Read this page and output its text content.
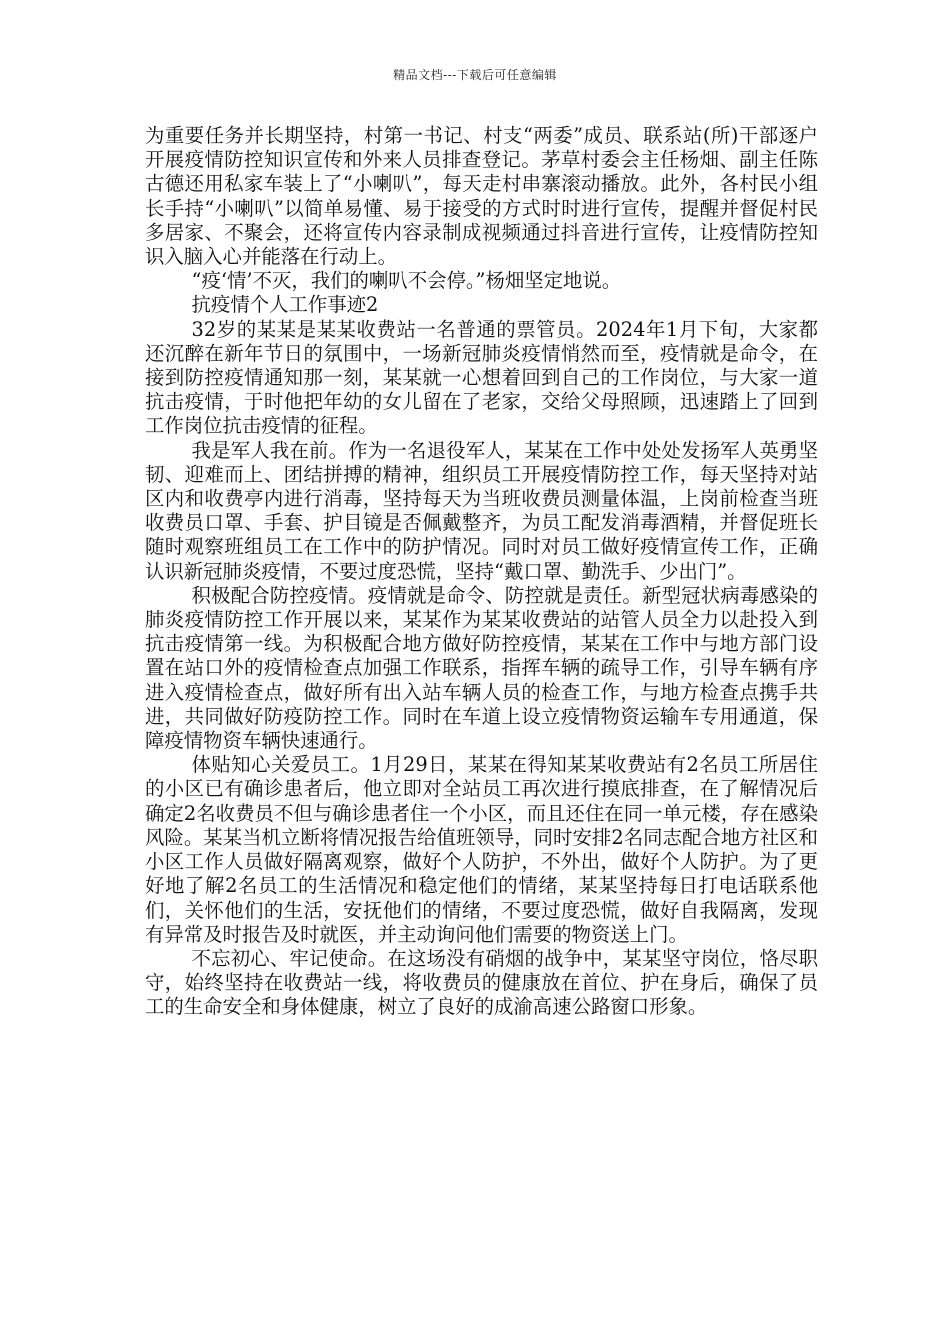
精品文档---下载后可任意编辑

为重要任务并长期坚持，村第一书记、村支“两委”成员、联系站(所)干部逐户开展疫情防控知识宣传和外来人员排查登记。茅草村委会主任杨畑、副主任陈古德还用私家车装上了“小喇叭”，每天走村串寨滚动播放。此外，各村民小组长手持“小喇叭”以简单易懂、易于接受的方式时时进行宣传，提醒并督促村民多居家、不聚会，还将宣传内容录制成视频通过抖音进行宣传，让疫情防控知识入脑入心并能落在行动上。

“疫‘情’不灭，我们的喇叭不会停。”杨畑坚定地说。

抗疫情个人工作事迹2

32岁的某某是某某收费站一名普通的票管员。2024年1月下旬，大家都还沉醉在新年节日的氛围中，一场新冠肺炎疫情悄然而至，疫情就是命令，在接到防控疫情通知那一刻，某某就一心想着回到自己的工作岗位，与大家一道抗击疫情，于时他把年幼的女儿留在了老家，交给父母照顾，迅速踏上了回到工作岗位抗击疫情的征程。

我是军人我在前。作为一名退役军人，某某在工作中处处发扬军人英勇坚韧、迎难而上、团结拼搏的精神，组织员工开展疫情防控工作，每天坚持对站区内和收费亭内进行消毒，坚持每天为当班收费员测量体温，上岗前检查当班收费员口罩、手套、护目镜是否佩戴整齐，为员工配发消毒酒精，并督促班长随时观察班组员工在工作中的防护情况。同时对员工做好疫情宣传工作，正确认识新冠肺炎疫情，不要过度恐慌，坚持“戴口罩、勤洗手、少出门”。

积极配合防控疫情。疫情就是命令、防控就是责任。新型冠状病毒感染的肺炎疫情防控工作开展以来，某某作为某某收费站的站管人员全力以赴投入到抗击疫情第一线。为积极配合地方做好防控疫情，某某在工作中与地方部门设置在站口外的疫情检查点加强工作联系，指挥车辆的疏导工作，引导车辆有序进入疫情检查点，做好所有出入站车辆人员的检查工作，与地方检查点携手共进，共同做好防疫防控工作。同时在车道上设立疫情物资运输车专用通道，保障疫情物资车辆快速通行。

体贴知心关爱员工。1月29日，某某在得知某某收费站有2名员工所居住的小区已有确诊患者后，他立即对全站员工再次进行摸底排查，在了解情况后确定2名收费员不但与确诊患者住一个小区，而且还住在同一单元楼，存在感染风险。某某当机立断将情况报告给值班领导，同时安排2名同志配合地方社区和小区工作人员做好隔离观察，做好个人防护，不外出，做好个人防护。为了更好地了解2名员工的生活情况和稳定他们的情绪，某某坚持每日打电话联系他们，关怀他们的生活，安抚他们的情绪，不要过度恐慌，做好自我隔离，发现有异常及时报告及时就医，并主动询问他们需要的物资送上门。

不忘初心、牢记使命。在这场没有硝烟的战争中，某某坚守岗位，恪尽职守，始终坚持在收费站一线，将收费员的健康放在首位、护在身后，确保了员工的生命安全和身体健康，树立了良好的成渝高速公路窗口形象。
